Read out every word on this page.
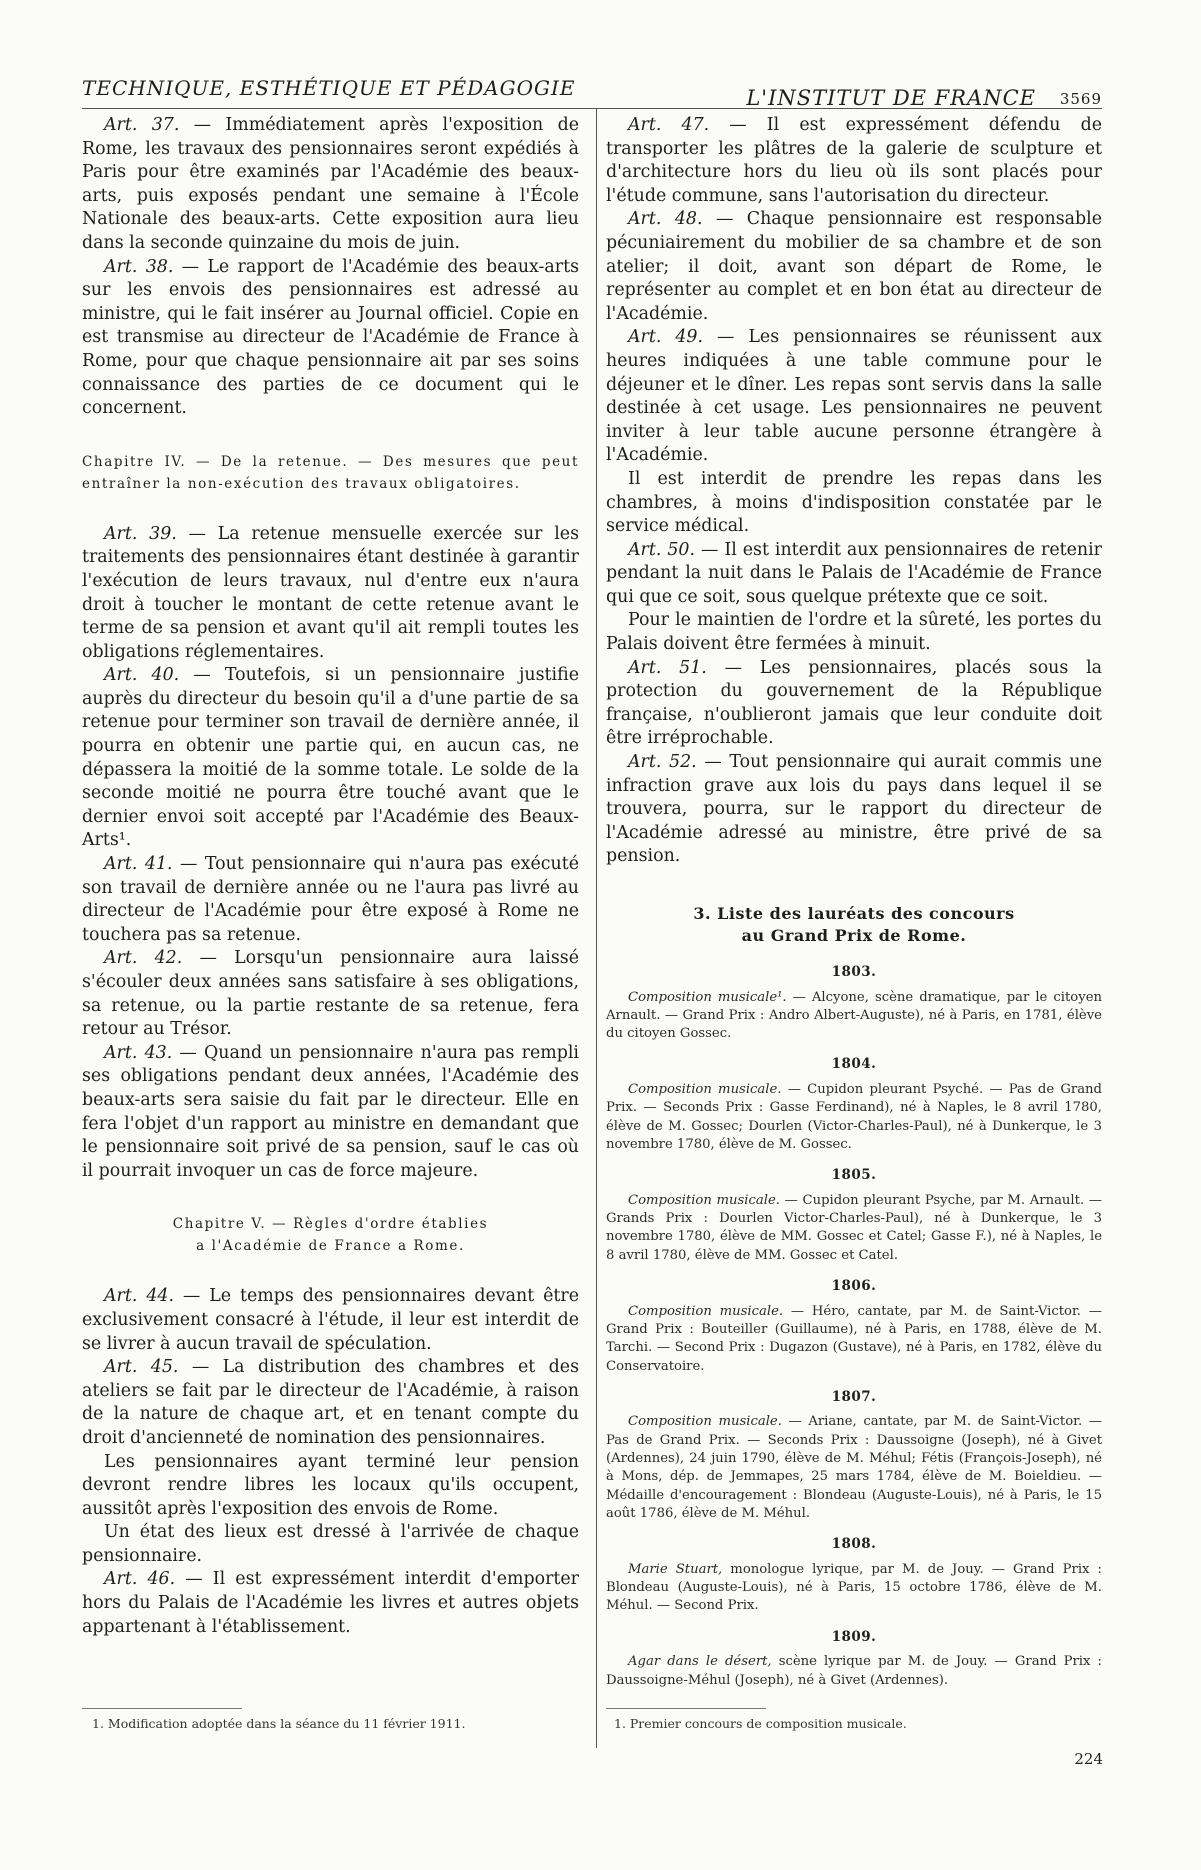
TECHNIQUE, ESTHÉTIQUE ET PÉDAGOGIE	L'INSTITUT DE FRANCE 3569

Art. 37. — Immédiatement après l'exposition de Rome, les travaux des pensionnaires seront expédiés à Paris pour être examinés par l'Académie des beaux-arts, puis exposés pendant une semaine à l'École Nationale des beaux-arts. Cette exposition aura lieu dans la seconde quinzaine du mois de juin.

Art. 38. — Le rapport de l'Académie des beaux-arts sur les envois des pensionnaires est adressé au ministre, qui le fait insérer au Journal officiel. Copie en est transmise au directeur de l'Académie de France à Rome, pour que chaque pensionnaire ait par ses soins connaissance des parties de ce document qui le concernent.

Chapitre IV. — De la retenue. — Des mesures que peut entraîner la non-exécution des travaux obligatoires.

Art. 39. — La retenue mensuelle exercée sur les traitements des pensionnaires étant destinée à garantir l'exécution de leurs travaux, nul d'entre eux n'aura droit à toucher le montant de cette retenue avant le terme de sa pension et avant qu'il ait rempli toutes les obligations réglementaires.

Art. 40. — Toutefois, si un pensionnaire justifie auprès du directeur du besoin qu'il a d'une partie de sa retenue pour terminer son travail de dernière année, il pourra en obtenir une partie qui, en aucun cas, ne dépassera la moitié de la somme totale. Le solde de la seconde moitié ne pourra être touché avant que le dernier envoi soit accepté par l'Académie des Beaux-Arts¹.

Art. 41. — Tout pensionnaire qui n'aura pas exécuté son travail de dernière année ou ne l'aura pas livré au directeur de l'Académie pour être exposé à Rome ne touchera pas sa retenue.

Art. 42. — Lorsqu'un pensionnaire aura laissé s'écouler deux années sans satisfaire à ses obligations, sa retenue, ou la partie restante de sa retenue, fera retour au Trésor.

Art. 43. — Quand un pensionnaire n'aura pas rempli ses obligations pendant deux années, l'Académie des beaux-arts sera saisie du fait par le directeur. Elle en fera l'objet d'un rapport au ministre en demandant que le pensionnaire soit privé de sa pension, sauf le cas où il pourrait invoquer un cas de force majeure.

Chapitre V. — Règles d'ordre établies
a l'Académie de France a Rome.

Art. 44. — Le temps des pensionnaires devant être exclusivement consacré à l'étude, il leur est interdit de se livrer à aucun travail de spéculation.

Art. 45. — La distribution des chambres et des ateliers se fait par le directeur de l'Académie, à raison de la nature de chaque art, et en tenant compte du droit d'ancienneté de nomination des pensionnaires.

Les pensionnaires ayant terminé leur pension devront rendre libres les locaux qu'ils occupent, aussitôt après l'exposition des envois de Rome.

Un état des lieux est dressé à l'arrivée de chaque pensionnaire.

Art. 46. — Il est expressément interdit d'emporter hors du Palais de l'Académie les livres et autres objets appartenant à l'établissement.

1. Modification adoptée dans la séance du 11 février 1911.

Art. 47. — Il est expressément défendu de transporter les plâtres de la galerie de sculpture et d'architecture hors du lieu où ils sont placés pour l'étude commune, sans l'autorisation du directeur.

Art. 48. — Chaque pensionnaire est responsable pécuniairement du mobilier de sa chambre et de son atelier; il doit, avant son départ de Rome, le représenter au complet et en bon état au directeur de l'Académie.

Art. 49. — Les pensionnaires se réunissent aux heures indiquées à une table commune pour le déjeuner et le dîner. Les repas sont servis dans la salle destinée à cet usage. Les pensionnaires ne peuvent inviter à leur table aucune personne étrangère à l'Académie.

Il est interdit de prendre les repas dans les chambres, à moins d'indisposition constatée par le service médical.

Art. 50. — Il est interdit aux pensionnaires de retenir pendant la nuit dans le Palais de l'Académie de France qui que ce soit, sous quelque prétexte que ce soit.

Pour le maintien de l'ordre et la sûreté, les portes du Palais doivent être fermées à minuit.

Art. 51. — Les pensionnaires, placés sous la protection du gouvernement de la République française, n'oublieront jamais que leur conduite doit être irréprochable.

Art. 52. — Tout pensionnaire qui aurait commis une infraction grave aux lois du pays dans lequel il se trouvera, pourra, sur le rapport du directeur de l'Académie adressé au ministre, être privé de sa pension.

3. Liste des lauréats des concours
au Grand Prix de Rome.
1803.

Composition musicale¹. — Alcyone, scène dramatique, par le citoyen Arnault. — Grand Prix : Andro Albert-Auguste), né à Paris, en 1781, élève du citoyen Gossec.

1804.

Composition musicale. — Cupidon pleurant Psyché. — Pas de Grand Prix. — Seconds Prix : Gasse Ferdinand), né à Naples, le 8 avril 1780, élève de M. Gossec; Dourlen (Victor-Charles-Paul), né à Dunkerque, le 3 novembre 1780, élève de M. Gossec.

1805.

Composition musicale. — Cupidon pleurant Psyche, par M. Arnault. — Grands Prix : Dourlen Victor-Charles-Paul), né à Dunkerque, le 3 novembre 1780, élève de MM. Gossec et Catel; Gasse F.), né à Naples, le 8 avril 1780, élève de MM. Gossec et Catel.

1806.

Composition musicale. — Héro, cantate, par M. de Saint-Victor. — Grand Prix : Bouteiller (Guillaume), né à Paris, en 1788, élève de M. Tarchi. — Second Prix : Dugazon (Gustave), né à Paris, en 1782, élève du Conservatoire.

1807.

Composition musicale. — Ariane, cantate, par M. de Saint-Victor. — Pas de Grand Prix. — Seconds Prix : Daussoigne (Joseph), né à Givet (Ardennes), 24 juin 1790, élève de M. Méhul; Fétis (François-Joseph), né à Mons, dép. de Jemmapes, 25 mars 1784, élève de M. Boieldieu. — Médaille d'encouragement : Blondeau (Auguste-Louis), né à Paris, le 15 août 1786, élève de M. Méhul.

1808.

Marie Stuart, monologue lyrique, par M. de Jouy. — Grand Prix : Blondeau (Auguste-Louis), né à Paris, 15 octobre 1786, élève de M. Méhul. — Second Prix.

1809.

Agar dans le désert, scène lyrique par M. de Jouy. — Grand Prix : Daussoigne-Méhul (Joseph), né à Givet (Ardennes).

1. Premier concours de composition musicale.
224
